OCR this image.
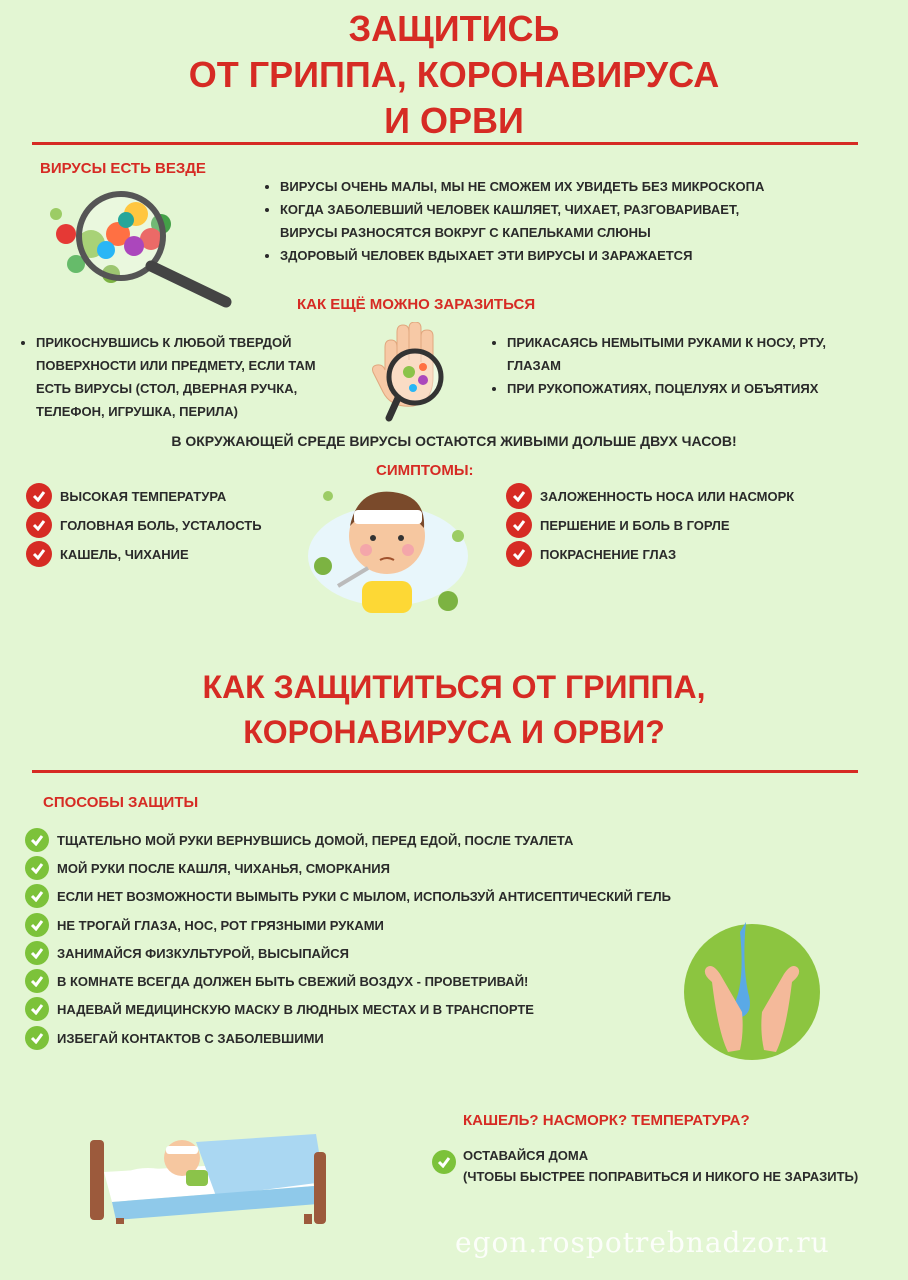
ЗАЩИТИСЬ
ОТ ГРИППА, КОРОНАВИРУСА
И ОРВИ
ВИРУСЫ ЕСТЬ ВЕЗДЕ
• ВИРУСЫ ОЧЕНЬ МАЛЫ, МЫ НЕ СМОЖЕМ ИХ УВИДЕТЬ БЕЗ МИКРОСКОПА
• КОГДА ЗАБОЛЕВШИЙ ЧЕЛОВЕК КАШЛЯЕТ, ЧИХАЕТ, РАЗГОВАРИВАЕТ, ВИРУСЫ РАЗНОСЯТСЯ ВОКРУГ С КАПЕЛЬКАМИ СЛЮНЫ
• ЗДОРОВЫЙ ЧЕЛОВЕК ВДЫХАЕТ ЭТИ ВИРУСЫ И ЗАРАЖАЕТСЯ
КАК ЕЩЁ МОЖНО ЗАРАЗИТЬСЯ
• ПРИКОСНУВШИСЬ К ЛЮБОЙ ТВЕРДОЙ ПОВЕРХНОСТИ ИЛИ ПРЕДМЕТУ, ЕСЛИ ТАМ ЕСТЬ ВИРУСЫ (СТОЛ, ДВЕРНАЯ РУЧКА, ТЕЛЕФОН, ИГРУШКА, ПЕРИЛА)
• ПРИКАСАЯСЬ НЕМЫТЫМИ РУКАМИ К НОСУ, РТУ, ГЛАЗАМ
• ПРИ РУКОПОЖАТИЯХ, ПОЦЕЛУЯХ И ОБЪЯТИЯХ
В ОКРУЖАЮЩЕЙ СРЕДЕ ВИРУСЫ ОСТАЮТСЯ ЖИВЫМИ ДОЛЬШЕ ДВУХ ЧАСОВ!
СИМПТОМЫ:
ВЫСОКАЯ ТЕМПЕРАТУРА
ГОЛОВНАЯ БОЛЬ, УСТАЛОСТЬ
КАШЕЛЬ, ЧИХАНИЕ
ЗАЛОЖЕННОСТЬ НОСА ИЛИ НАСМОРК
ПЕРШЕНИЕ И БОЛЬ В ГОРЛЕ
ПОКРАСНЕНИЕ ГЛАЗ
КАК ЗАЩИТИТЬСЯ ОТ ГРИППА,
КОРОНАВИРУСА И ОРВИ?
СПОСОБЫ ЗАЩИТЫ
ТЩАТЕЛЬНО МОЙ РУКИ ВЕРНУВШИСЬ ДОМОЙ, ПЕРЕД ЕДОЙ, ПОСЛЕ ТУАЛЕТА
МОЙ РУКИ ПОСЛЕ КАШЛЯ, ЧИХАНЬЯ, СМОРКАНИЯ
ЕСЛИ НЕТ ВОЗМОЖНОСТИ ВЫМЫТЬ РУКИ С МЫЛОМ, ИСПОЛЬЗУЙ АНТИСЕПТИЧЕСКИЙ ГЕЛЬ
НЕ ТРОГАЙ ГЛАЗА, НОС, РОТ ГРЯЗНЫМИ РУКАМИ
ЗАНИМАЙСЯ ФИЗКУЛЬТУРОЙ, ВЫСЫПАЙСЯ
В КОМНАТЕ ВСЕГДА ДОЛЖЕН БЫТЬ СВЕЖИЙ ВОЗДУХ - ПРОВЕТРИВАЙ!
НАДЕВАЙ МЕДИЦИНСКУЮ МАСКУ В ЛЮДНЫХ МЕСТАХ И В ТРАНСПОРТЕ
ИЗБЕГАЙ КОНТАКТОВ С ЗАБОЛЕВШИМИ
КАШЕЛЬ? НАСМОРК? ТЕМПЕРАТУРА?
ОСТАВАЙСЯ ДОМА
(ЧТОБЫ БЫСТРЕЕ ПОПРАВИТЬСЯ И НИКОГО НЕ ЗАРАЗИТЬ)
egon.rospotrebnadzor.ru
